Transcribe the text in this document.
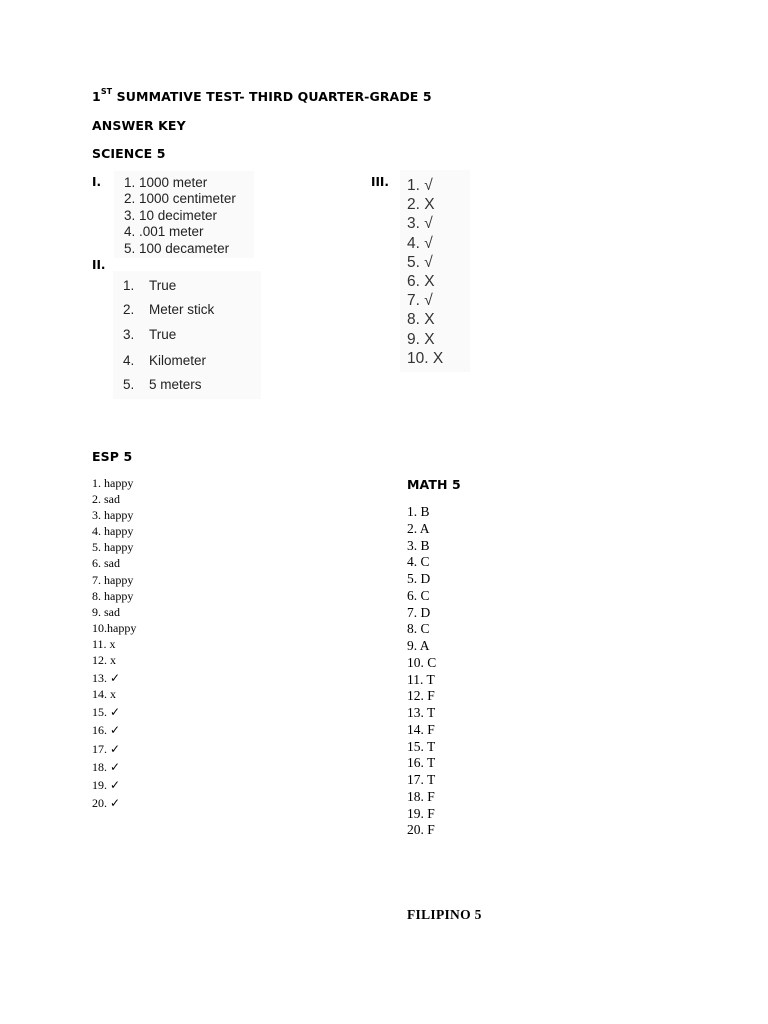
1ST SUMMATIVE TEST- THIRD QUARTER-GRADE 5
ANSWER KEY
SCIENCE 5
I. 1. 1000 meter
2. 1000 centimeter
3. 10 decimeter
4. .001 meter
5. 100 decameter
II.
1. True
2. Meter stick
3. True
4. Kilometer
5. 5 meters
III. 1. √
2. X
3. √
4. √
5. √
6. X
7. √
8. X
9. X
10. X
ESP 5
1. happy
2. sad
3. happy
4. happy
5. happy
6. sad
7. happy
8. happy
9. sad
10.happy
11. x
12. x
13. ✓
14. x
15. ✓
16. ✓
17. ✓
18. ✓
19. ✓
20. ✓
MATH 5
1. B
2. A
3. B
4. C
5. D
6. C
7. D
8. C
9. A
10. C
11. T
12. F
13. T
14. F
15. T
16. T
17. T
18. F
19. F
20. F
FILIPINO 5
